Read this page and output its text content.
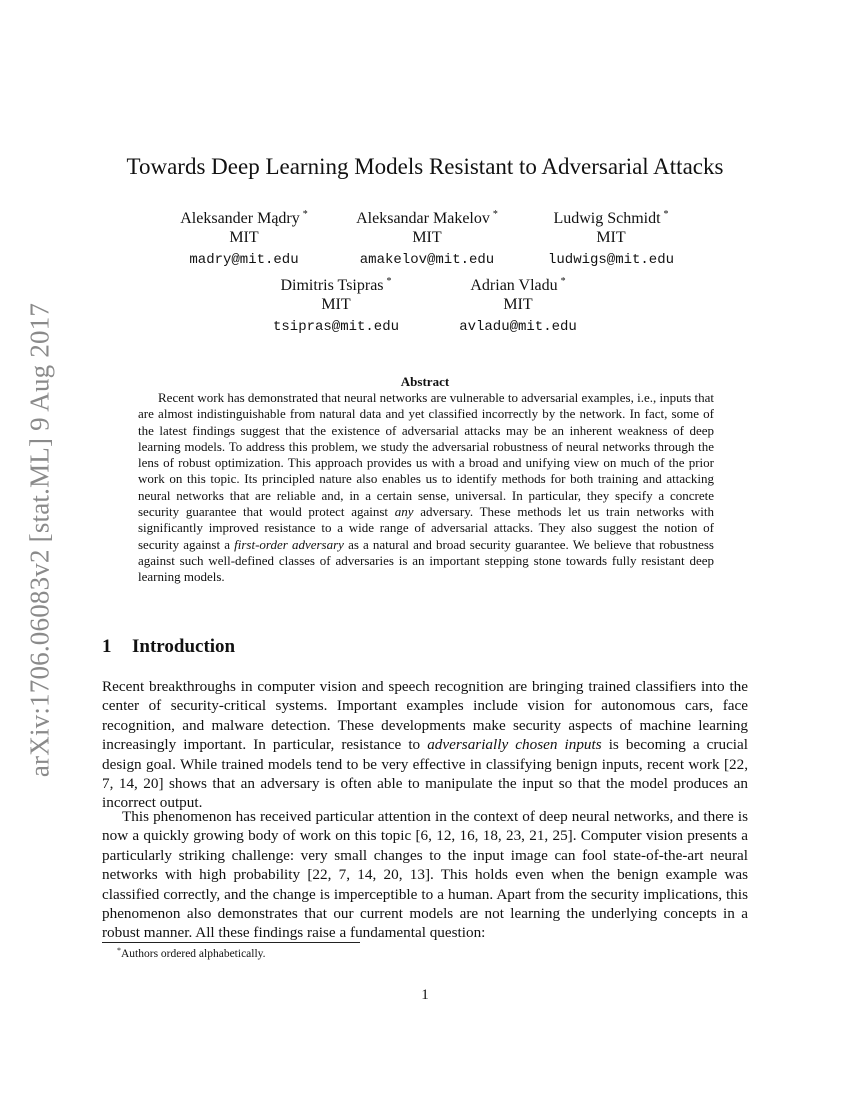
arXiv:1706.06083v2 [stat.ML] 9 Aug 2017
Towards Deep Learning Models Resistant to Adversarial Attacks
Aleksander Mądry *
MIT
madry@mit.edu
Aleksandar Makelov *
MIT
amakelov@mit.edu
Ludwig Schmidt *
MIT
ludwigs@mit.edu
Dimitris Tsipras *
MIT
tsipras@mit.edu
Adrian Vladu *
MIT
avladu@mit.edu
Abstract

Recent work has demonstrated that neural networks are vulnerable to adversarial examples, i.e., inputs that are almost indistinguishable from natural data and yet classified incorrectly by the network. In fact, some of the latest findings suggest that the existence of adversarial attacks may be an inherent weakness of deep learning models. To address this problem, we study the adversarial robustness of neural networks through the lens of robust optimization. This approach provides us with a broad and unifying view on much of the prior work on this topic. Its principled nature also enables us to identify methods for both training and attacking neural networks that are reliable and, in a certain sense, universal. In particular, they specify a concrete security guarantee that would protect against any adversary. These methods let us train networks with significantly improved resistance to a wide range of adversarial attacks. They also suggest the notion of security against a first-order adversary as a natural and broad security guarantee. We believe that robustness against such well-defined classes of adversaries is an important stepping stone towards fully resistant deep learning models.

1 Introduction

Recent breakthroughs in computer vision and speech recognition are bringing trained classifiers into the center of security-critical systems. Important examples include vision for autonomous cars, face recognition, and malware detection. These developments make security aspects of machine learning increasingly important. In particular, resistance to adversarially chosen inputs is becoming a crucial design goal. While trained models tend to be very effective in classifying benign inputs, recent work [22, 7, 14, 20] shows that an adversary is often able to manipulate the input so that the model produces an incorrect output.

This phenomenon has received particular attention in the context of deep neural networks, and there is now a quickly growing body of work on this topic [6, 12, 16, 18, 23, 21, 25]. Computer vision presents a particularly striking challenge: very small changes to the input image can fool state-of-the-art neural networks with high probability [22, 7, 14, 20, 13]. This holds even when the benign example was classified correctly, and the change is imperceptible to a human. Apart from the security implications, this phenomenon also demonstrates that our current models are not learning the underlying concepts in a robust manner. All these findings raise a fundamental question:

*Authors ordered alphabetically.
1
